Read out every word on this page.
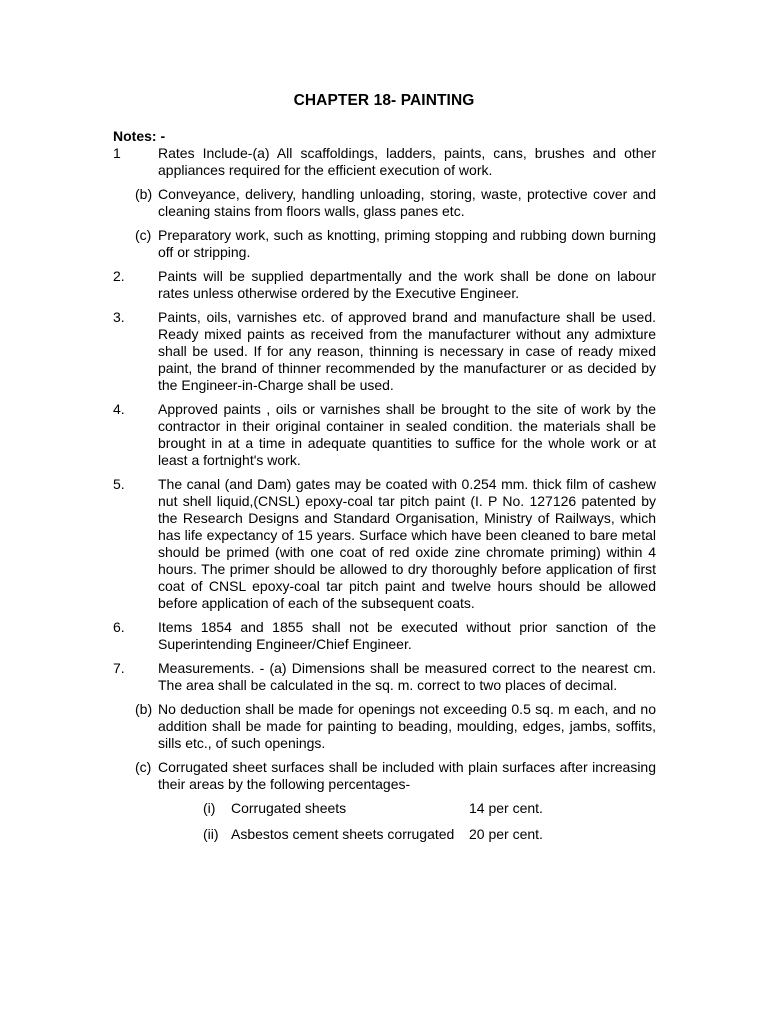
CHAPTER 18- PAINTING
Notes: -
1	Rates Include-(a) All scaffoldings, ladders, paints, cans, brushes and other appliances required for the efficient execution of work.
(b) Conveyance, delivery, handling unloading, storing, waste, protective cover and cleaning stains from floors walls, glass panes etc.
(c) Preparatory work, such as knotting, priming stopping and rubbing down burning off or stripping.
2. Paints will be supplied departmentally and the work shall be done on labour rates unless otherwise ordered by the Executive Engineer.
3. Paints, oils, varnishes etc. of approved brand and manufacture shall be used. Ready mixed paints as received from the manufacturer without any admixture shall be used. If for any reason, thinning is necessary in case of ready mixed paint, the brand of thinner recommended by the manufacturer or as decided by the Engineer-in-Charge shall be used.
4. Approved paints , oils or varnishes shall be brought to the site of work by the contractor in their original container in sealed condition. the materials shall be brought in at a time in adequate quantities to suffice for the whole work or at least a fortnight's work.
5. The canal (and Dam) gates may be coated with 0.254 mm. thick film of cashew nut shell liquid,(CNSL) epoxy-coal tar pitch paint (I. P No. 127126 patented by the Research Designs and Standard Organisation, Ministry of Railways, which has life expectancy of 15 years. Surface which have been cleaned to bare metal should be primed (with one coat of red oxide zine chromate priming) within 4 hours. The primer should be allowed to dry thoroughly before application of first coat of CNSL epoxy-coal tar pitch paint and twelve hours should be allowed before application of each of the subsequent coats.
6. Items 1854 and 1855 shall not be executed without prior sanction of the Superintending Engineer/Chief Engineer.
7. Measurements. - (a) Dimensions shall be measured correct to the nearest cm. The area shall be calculated in the sq. m. correct to two places of decimal.
(b) No deduction shall be made for openings not exceeding 0.5 sq. m each, and no addition shall be made for painting to beading, moulding, edges, jambs, soffits, sills etc., of such openings.
(c) Corrugated sheet surfaces shall be included with plain surfaces after increasing their areas by the following percentages-
(i) Corrugated sheets	14 per cent.
(ii) Asbestos cement sheets corrugated 20 per cent.
